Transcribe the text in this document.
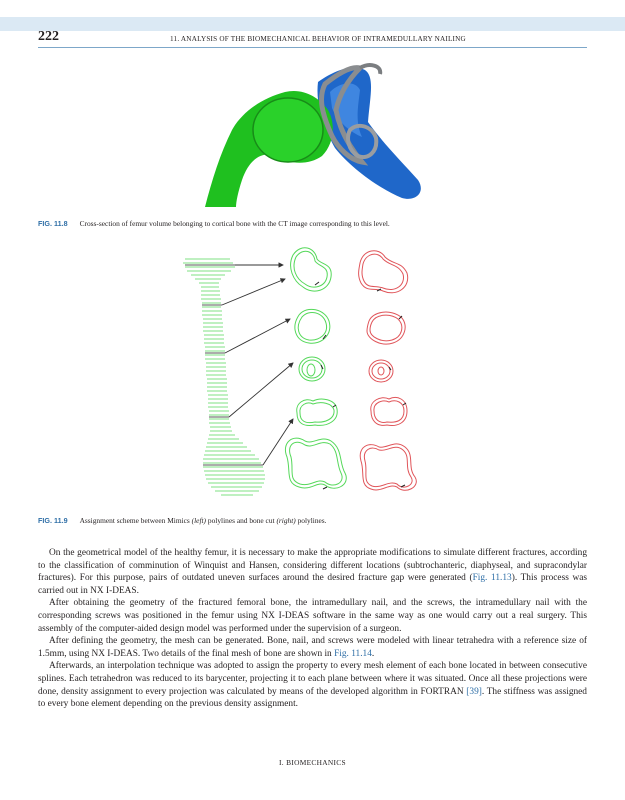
222	11. ANALYSIS OF THE BIOMECHANICAL BEHAVIOR OF INTRAMEDULLARY NAILING
FIG. 11.8 Cross-section of femur volume belonging to cortical bone with the CT image corresponding to this level.
FIG. 11.9 Assignment scheme between Mimics (left) polylines and bone cut (right) polylines.

On the geometrical model of the healthy femur, it is necessary to make the appropriate modifications to simulate different fractures, according to the classification of comminution of Winquist and Hansen, considering different locations (subtrochanteric, diaphyseal, and supracondylar fractures). For this purpose, pairs of outdated uneven surfaces around the desired fracture gap were generated (Fig. 11.13). This process was carried out in NX I-DEAS.

After obtaining the geometry of the fractured femoral bone, the intramedullary nail, and the screws, the intramedullary nail with the corresponding screws was positioned in the femur using NX I-DEAS software in the same way as one would carry out a real surgery. This assembly of the computer-aided design model was performed under the supervision of a surgeon.

After defining the geometry, the mesh can be generated. Bone, nail, and screws were modeled with linear tetrahedra with a reference size of 1.5mm, using NX I-DEAS. Two details of the final mesh of bone are shown in Fig. 11.14.

Afterwards, an interpolation technique was adopted to assign the property to every mesh element of each bone located in between consecutive splines. Each tetrahedron was reduced to its barycenter, projecting it to each plane between where it was situated. Once all these projections were done, density assignment to every projection was calculated by means of the developed algorithm in FORTRAN [39]. The stiffness was assigned to every bone element depending on the previous density assignment.

I. BIOMECHANICS
